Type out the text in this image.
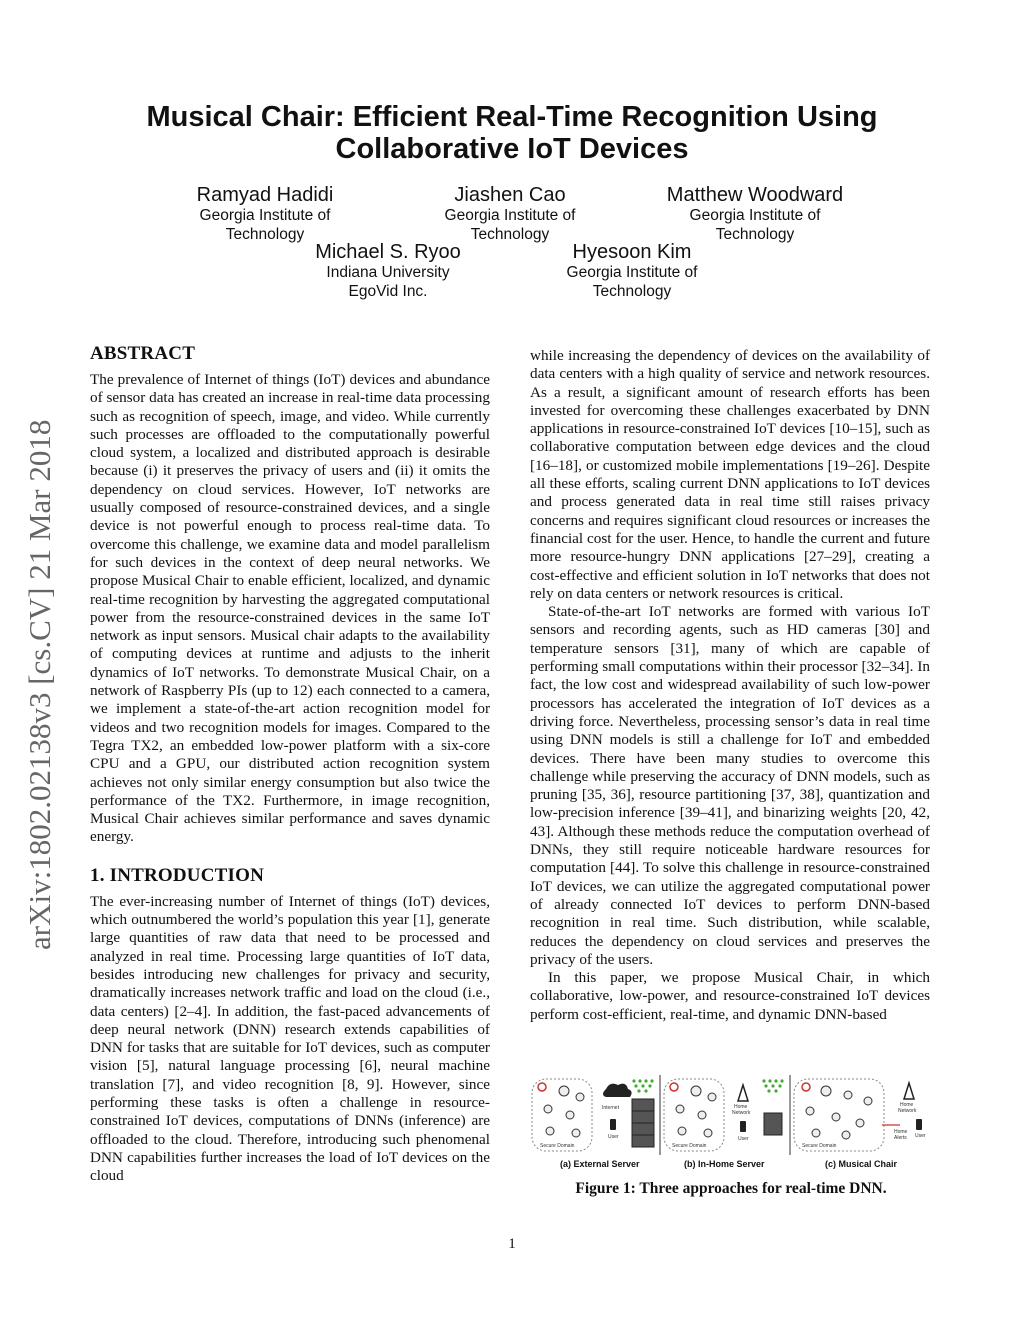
Musical Chair: Efficient Real-Time Recognition Using Collaborative IoT Devices
Ramyad Hadidi
Georgia Institute of
Technology
Jiashen Cao
Georgia Institute of
Technology
Matthew Woodward
Georgia Institute of
Technology
Michael S. Ryoo
Indiana University
EgoVid Inc.
Hyesoon Kim
Georgia Institute of
Technology
arXiv:1802.02138v3 [cs.CV] 21 Mar 2018
ABSTRACT

The prevalence of Internet of things (IoT) devices and abundance of sensor data has created an increase in real-time data processing such as recognition of speech, image, and video. While currently such processes are offloaded to the computationally powerful cloud system, a localized and distributed approach is desirable because (i) it preserves the privacy of users and (ii) it omits the dependency on cloud services. However, IoT networks are usually composed of resource-constrained devices, and a single device is not powerful enough to process real-time data. To overcome this challenge, we examine data and model parallelism for such devices in the context of deep neural networks. We propose Musical Chair to enable efficient, localized, and dynamic real-time recognition by harvesting the aggregated computational power from the resource-constrained devices in the same IoT network as input sensors. Musical chair adapts to the availability of computing devices at runtime and adjusts to the inherit dynamics of IoT networks. To demonstrate Musical Chair, on a network of Raspberry PIs (up to 12) each connected to a camera, we implement a state-of-the-art action recognition model for videos and two recognition models for images. Compared to the Tegra TX2, an embedded low-power platform with a six-core CPU and a GPU, our distributed action recognition system achieves not only similar energy consumption but also twice the performance of the TX2. Furthermore, in image recognition, Musical Chair achieves similar performance and saves dynamic energy.

1. INTRODUCTION

The ever-increasing number of Internet of things (IoT) devices, which outnumbered the world’s population this year [1], generate large quantities of raw data that need to be processed and analyzed in real time. Processing large quantities of IoT data, besides introducing new challenges for privacy and security, dramatically increases network traffic and load on the cloud (i.e., data centers) [2–4]. In addition, the fast-paced advancements of deep neural network (DNN) research extends capabilities of DNN for tasks that are suitable for IoT devices, such as computer vision [5], natural language processing [6], neural machine translation [7], and video recognition [8, 9]. However, since performing these tasks is often a challenge in resource-constrained IoT devices, computations of DNNs (inference) are offloaded to the cloud. Therefore, introducing such phenomenal DNN capabilities further increases the load of IoT devices on the cloud

while increasing the dependency of devices on the availability of data centers with a high quality of service and network resources. As a result, a significant amount of research efforts has been invested for overcoming these challenges exacerbated by DNN applications in resource-constrained IoT devices [10–15], such as collaborative computation between edge devices and the cloud [16–18], or customized mobile implementations [19–26]. Despite all these efforts, scaling current DNN applications to IoT devices and process generated data in real time still raises privacy concerns and requires significant cloud resources or increases the financial cost for the user. Hence, to handle the current and future more resource-hungry DNN applications [27–29], creating a cost-effective and efficient solution in IoT networks that does not rely on data centers or network resources is critical.

State-of-the-art IoT networks are formed with various IoT sensors and recording agents, such as HD cameras [30] and temperature sensors [31], many of which are capable of performing small computations within their processor [32–34]. In fact, the low cost and widespread availability of such low-power processors has accelerated the integration of IoT devices as a driving force. Nevertheless, processing sensor’s data in real time using DNN models is still a challenge for IoT and embedded devices. There have been many studies to overcome this challenge while preserving the accuracy of DNN models, such as pruning [35, 36], resource partitioning [37, 38], quantization and low-precision inference [39–41], and binarizing weights [20, 42, 43]. Although these methods reduce the computation overhead of DNNs, they still require noticeable hardware resources for computation [44]. To solve this challenge in resource-constrained IoT devices, we can utilize the aggregated computational power of already connected IoT devices to perform DNN-based recognition in real time. Such distribution, while scalable, reduces the dependency on cloud services and preserves the privacy of the users.

In this paper, we propose Musical Chair, in which collaborative, low-power, and resource-constrained IoT devices perform cost-efficient, real-time, and dynamic DNN-based

Secure Domain
Internet
User
Secure Domain
Home
Network
User
Secure Domain
Home
Network
Home
Alerts User
(a) External Server	(b) In-Home Server	(c) Musical Chair
Figure 1: Three approaches for real-time DNN.
1
